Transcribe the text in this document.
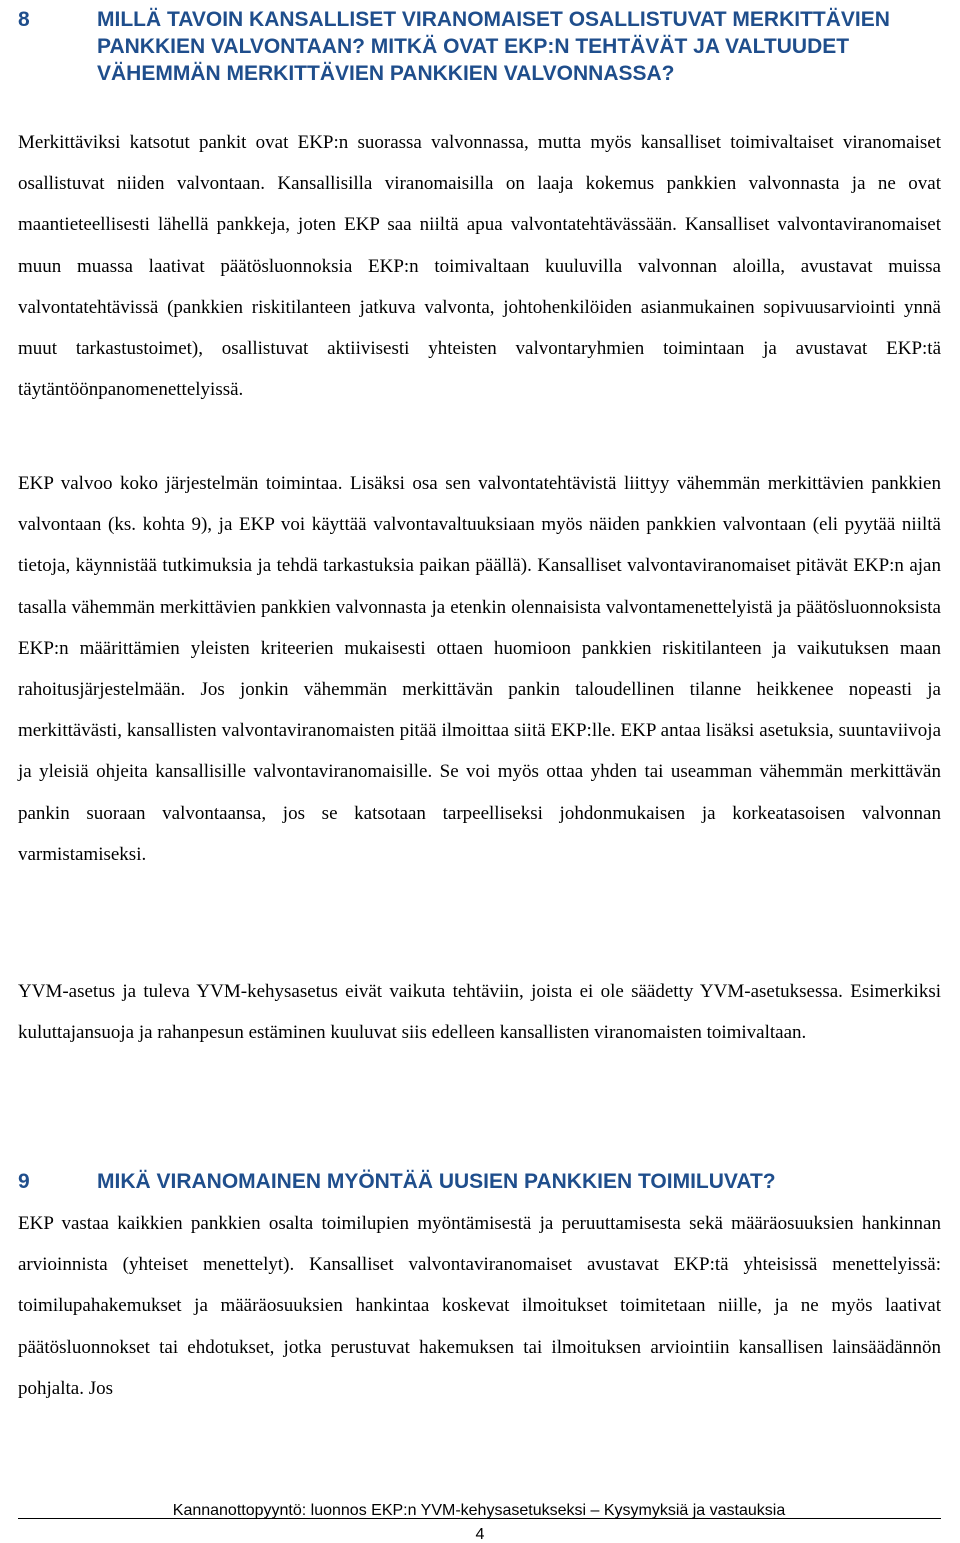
8	MILLÄ TAVOIN KANSALLISET VIRANOMAISET OSALLISTUVAT MERKITTÄVIEN PANKKIEN VALVONTAAN? MITKÄ OVAT EKP:N TEHTÄVÄT JA VALTUUDET VÄHEMMÄN MERKITTÄVIEN PANKKIEN VALVONNASSA?

Merkittäviksi katsotut pankit ovat EKP:n suorassa valvonnassa, mutta myös kansalliset toimivaltaiset viranomaiset osallistuvat niiden valvontaan. Kansallisilla viranomaisilla on laaja kokemus pankkien valvonnasta ja ne ovat maantieteellisesti lähellä pankkeja, joten EKP saa niiltä apua valvontatehtävässään. Kansalliset valvontaviranomaiset muun muassa laativat päätösluonnoksia EKP:n toimivaltaan kuuluvilla valvonnan aloilla, avustavat muissa valvontatehtävissä (pankkien riskitilanteen jatkuva valvonta, johtohenkilöiden asianmukainen sopivuusarviointi ynnä muut tarkastustoimet), osallistuvat aktiivisesti yhteisten valvontaryhmien toimintaan ja avustavat EKP:tä täytäntöönpanomenettelyissä.

EKP valvoo koko järjestelmän toimintaa. Lisäksi osa sen valvontatehtävistä liittyy vähemmän merkittävien pankkien valvontaan (ks. kohta 9), ja EKP voi käyttää valvontavaltuuksiaan myös näiden pankkien valvontaan (eli pyytää niiltä tietoja, käynnistää tutkimuksia ja tehdä tarkastuksia paikan päällä). Kansalliset valvontaviranomaiset pitävät EKP:n ajan tasalla vähemmän merkittävien pankkien valvonnasta ja etenkin olennaisista valvontamenettelyistä ja päätösluonnoksista EKP:n määrittämien yleisten kriteerien mukaisesti ottaen huomioon pankkien riskitilanteen ja vaikutuksen maan rahoitusjärjestelmään. Jos jonkin vähemmän merkittävän pankin taloudellinen tilanne heikkenee nopeasti ja merkittävästi, kansallisten valvontaviranomaisten pitää ilmoittaa siitä EKP:lle. EKP antaa lisäksi asetuksia, suuntaviivoja ja yleisiä ohjeita kansallisille valvontaviranomaisille. Se voi myös ottaa yhden tai useamman vähemmän merkittävän pankin suoraan valvontaansa, jos se katsotaan tarpeelliseksi johdonmukaisen ja korkeatasoisen valvonnan varmistamiseksi.

YVM-asetus ja tuleva YVM-kehysasetus eivät vaikuta tehtäviin, joista ei ole säädetty YVM-asetuksessa. Esimerkiksi kuluttajansuoja ja rahanpesun estäminen kuuluvat siis edelleen kansallisten viranomaisten toimivaltaan.

9	MIKÄ VIRANOMAINEN MYÖNTÄÄ UUSIEN PANKKIEN TOIMILUVAT?

EKP vastaa kaikkien pankkien osalta toimilupien myöntämisestä ja peruuttamisesta sekä määräosuuksien hankinnan arvioinnista (yhteiset menettelyt). Kansalliset valvontaviranomaiset avustavat EKP:tä yhteisissä menettelyissä: toimilupahakemukset ja määräosuuksien hankintaa koskevat ilmoitukset toimitetaan niille, ja ne myös laativat päätösluonnokset tai ehdotukset, jotka perustuvat hakemuksen tai ilmoituksen arviointiin kansallisen lainsäädännön pohjalta. Jos

Kannanottopyyntö: luonnos EKP:n YVM-kehysasetukseksi – Kysymyksiä ja vastauksia
4
